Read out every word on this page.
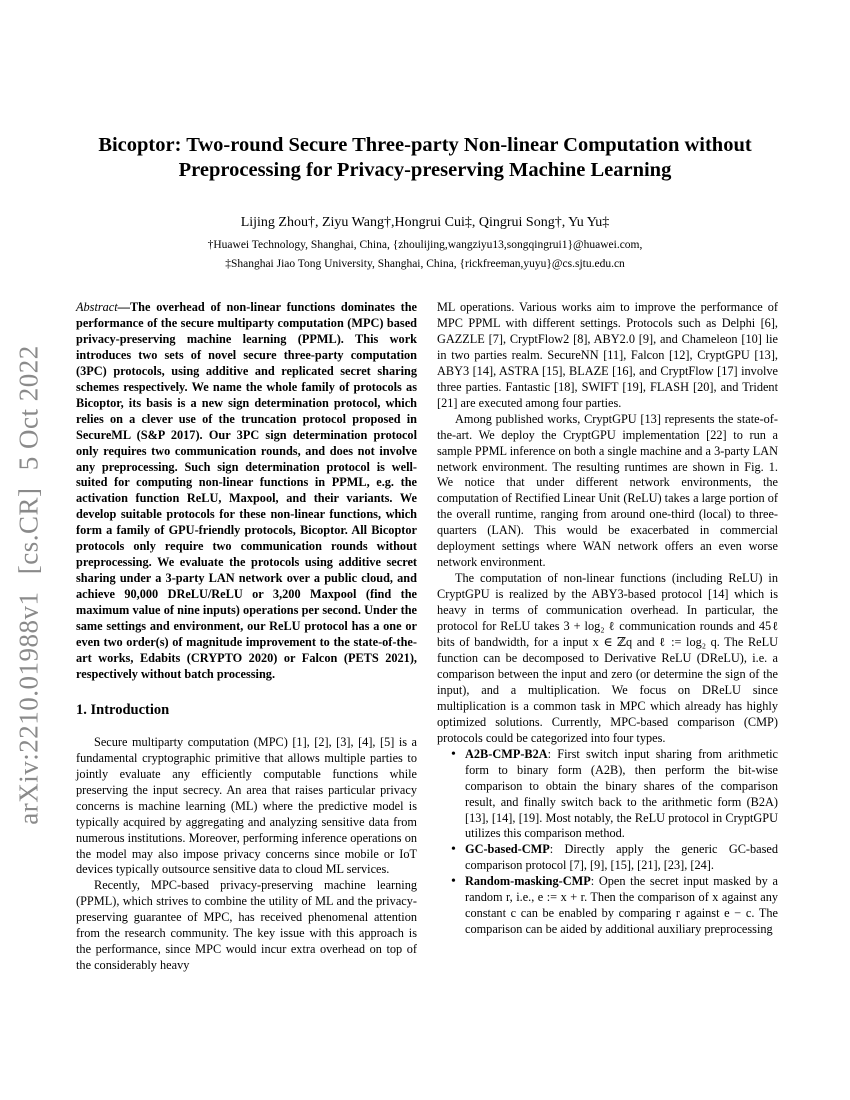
arXiv:2210.01988v1 [cs.CR] 5 Oct 2022
Bicoptor: Two-round Secure Three-party Non-linear Computation without Preprocessing for Privacy-preserving Machine Learning
Lijing Zhou†, Ziyu Wang†,Hongrui Cui‡, Qingrui Song†, Yu Yu‡
†Huawei Technology, Shanghai, China, {zhoulijing,wangziyu13,songqingrui1}@huawei.com,
‡Shanghai Jiao Tong University, Shanghai, China, {rickfreeman,yuyu}@cs.sjtu.edu.cn

Abstract—The overhead of non-linear functions dominates the performance of the secure multiparty computation (MPC) based privacy-preserving machine learning (PPML). This work introduces two sets of novel secure three-party computation (3PC) protocols, using additive and replicated secret sharing schemes respectively. We name the whole family of protocols as Bicoptor, its basis is a new sign determination protocol, which relies on a clever use of the truncation protocol proposed in SecureML (S&P 2017). Our 3PC sign determination protocol only requires two communication rounds, and does not involve any preprocessing. Such sign determination protocol is well-suited for computing non-linear functions in PPML, e.g. the activation function ReLU, Maxpool, and their variants. We develop suitable protocols for these non-linear functions, which form a family of GPU-friendly protocols, Bicoptor. All Bicoptor protocols only require two communication rounds without preprocessing. We evaluate the protocols using additive secret sharing under a 3-party LAN network over a public cloud, and achieve 90,000 DReLU/ReLU or 3,200 Maxpool (find the maximum value of nine inputs) operations per second. Under the same settings and environment, our ReLU protocol has a one or even two order(s) of magnitude improvement to the state-of-the-art works, Edabits (CRYPTO 2020) or Falcon (PETS 2021), respectively without batch processing.

1. Introduction

Secure multiparty computation (MPC) [1], [2], [3], [4], [5] is a fundamental cryptographic primitive that allows multiple parties to jointly evaluate any efficiently computable functions while preserving the input secrecy. An area that raises particular privacy concerns is machine learning (ML) where the predictive model is typically acquired by aggregating and analyzing sensitive data from numerous institutions. Moreover, performing inference operations on the model may also impose privacy concerns since mobile or IoT devices typically outsource sensitive data to cloud ML services.

Recently, MPC-based privacy-preserving machine learning (PPML), which strives to combine the utility of ML and the privacy-preserving guarantee of MPC, has received phenomenal attention from the research community. The key issue with this approach is the performance, since MPC would incur extra overhead on top of the considerably heavy

ML operations. Various works aim to improve the performance of MPC PPML with different settings. Protocols such as Delphi [6], GAZZLE [7], CryptFlow2 [8], ABY2.0 [9], and Chameleon [10] lie in two parties realm. SecureNN [11], Falcon [12], CryptGPU [13], ABY3 [14], ASTRA [15], BLAZE [16], and CryptFlow [17] involve three parties. Fantastic [18], SWIFT [19], FLASH [20], and Trident [21] are executed among four parties.

Among published works, CryptGPU [13] represents the state-of-the-art. We deploy the CryptGPU implementation [22] to run a sample PPML inference on both a single machine and a 3-party LAN network environment. The resulting runtimes are shown in Fig. 1. We notice that under different network environments, the computation of Rectified Linear Unit (ReLU) takes a large portion of the overall runtime, ranging from around one-third (local) to three-quarters (LAN). This would be exacerbated in commercial deployment settings where WAN network offers an even worse network environment.

The computation of non-linear functions (including ReLU) in CryptGPU is realized by the ABY3-based protocol [14] which is heavy in terms of communication overhead. In particular, the protocol for ReLU takes 3 + log₂ ℓ communication rounds and 45ℓ bits of bandwidth, for a input x ∈ ℤq and ℓ := log₂ q. The ReLU function can be decomposed to Derivative ReLU (DReLU), i.e. a comparison between the input and zero (or determine the sign of the input), and a multiplication. We focus on DReLU since multiplication is a common task in MPC which already has highly optimized solutions. Currently, MPC-based comparison (CMP) protocols could be categorized into four types.

• A2B-CMP-B2A: First switch input sharing from arithmetic form to binary form (A2B), then perform the bit-wise comparison to obtain the binary shares of the comparison result, and finally switch back to the arithmetic form (B2A) [13], [14], [19]. Most notably, the ReLU protocol in CryptGPU utilizes this comparison method.
• GC-based-CMP: Directly apply the generic GC-based comparison protocol [7], [9], [15], [21], [23], [24].
• Random-masking-CMP: Open the secret input masked by a random r, i.e., e := x + r. Then the comparison of x against any constant c can be enabled by comparing r against e − c. The comparison can be aided by additional auxiliary preprocessing
